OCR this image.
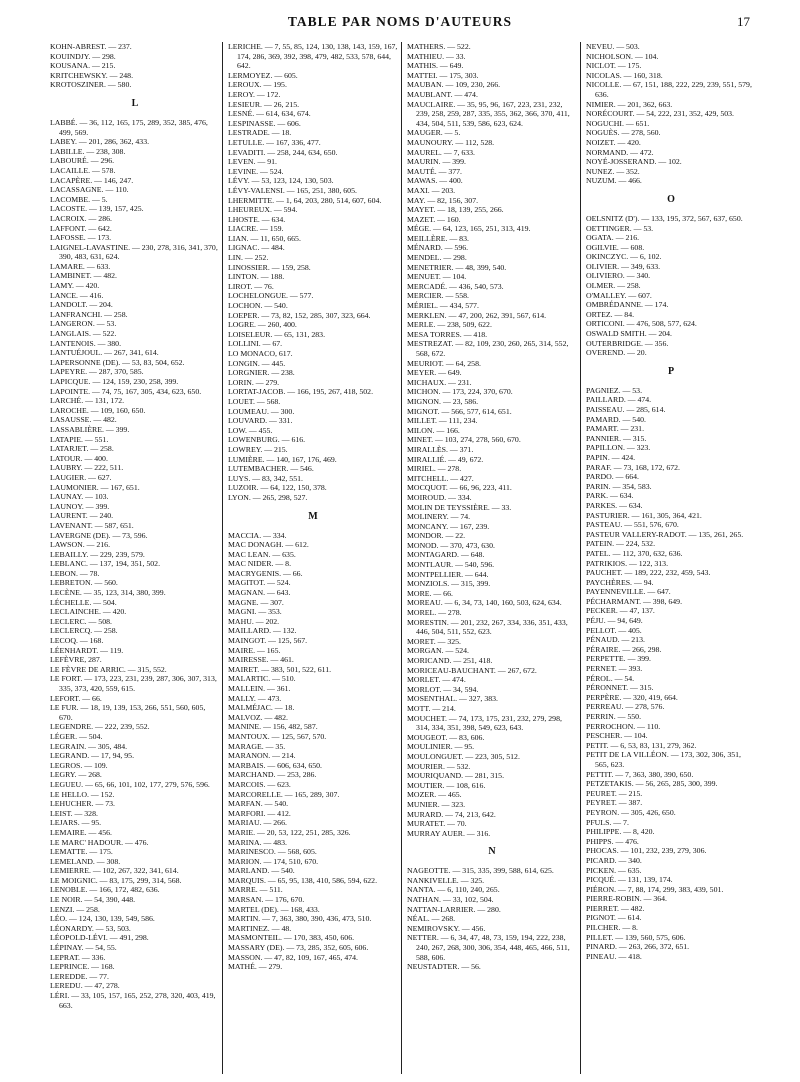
TABLE PAR NOMS D'AUTEURS	17
KOHN-ABREST. — 237.
KOUINDJY. — 298.
KOUSANA. — 215.
KRITCHEWSKY. — 248.
KROTOSZINER. — 580.
L
LABBÉ. — 36, 112, 165, 175, 289, 352, 385, 476, 499, 569.
LABEY. — 201, 286, 362, 433.
LABILLE. — 238, 308.
LABOURÉ. — 296.
LACAILLE. — 578.
LACAPÈRE. — 146, 247.
LACASSAGNE. — 110.
LACOMBE. — 5.
LACOSTE. — 139, 157, 425.
LACROIX. — 286.
LAFFONT. — 642.
LAFOSSE. — 173.
LAIGNEL-LAVASTINE. — 230, 278, 316, 341, 370, 390, 483, 631, 624.
LAMARE. — 633.
LAMBINET. — 482.
LAMY. — 420.
LANCE. — 416.
LANDOLT. — 204.
LANFRANCHI. — 258.
LANGERON. — 53.
LANGLAIS. — 522.
LANTENOIS. — 380.
LANTUÉJOUL. — 267, 341, 614.
LAPERSONNE (DE). — 53, 83, 504, 652.
LAPEYRE. — 287, 370, 585.
LAPICQUE. — 124, 159, 230, 258, 399.
LAPOINTE. — 74, 75, 167, 305, 434, 623, 650.
LARCHÉ. — 131, 172.
LAROCHE. — 109, 160, 650.
LASAUSSE. — 482.
LASSABLIÈRE. — 399.
LATAPIE. — 551.
LATARJET. — 258.
LATOUR. — 400.
LAUBRY. — 222, 511.
LAUGIER. — 627.
LAUMONIER. — 167, 651.
LAUNAY. — 103.
LAUNOY. — 399.
LAURENT. — 240.
LAVENANT. — 587, 651.
LAVERGNE (DE). — 73, 596.
LAWSON. — 216.
LEBAILLY. — 229, 239, 579.
LEBLANC. — 137, 194, 351, 502.
LEBON. — 78.
LEBRETON. — 560.
LECÈNE. — 35, 123, 314, 380, 399.
LÉCHELLE. — 504.
LECLAINCHE. — 420.
LECLERC. — 508.
LECLERCQ. — 258.
LECOQ. — 168.
LÉENHARDT. — 119.
LEFÈVRE, 287.
LE FÈVRE DE ARRIC. — 315, 552.
LE FORT. — 173, 223, 231, 239, 287, 306, 307, 313, 335, 373, 420, 559, 615.
LEFORT. — 66.
LE FUR. — 18, 19, 139, 153, 266, 551, 560, 605, 670.
LEGENDRE. — 222, 239, 552.
LÉGER. — 504.
LEGRAIN. — 305, 484.
LEGRAND. — 17, 94, 95.
LEGROS. — 109.
LEGRY. — 268.
LEGUEU. — 65, 66, 101, 102, 177, 279, 576, 596.
LE HELLO. — 152.
LEHUCHER. — 73.
LEIST. — 328.
LEJARS. — 95.
LEMAIRE. — 456.
LE MARC' HADOUR. — 476.
LEMATTE. — 175.
LEMELAND. — 308.
LEMIERRE. — 102, 267, 322, 341, 614.
LE MOIGNIC. — 83, 175, 299, 314, 568.
LENOBLE. — 166, 172, 482, 636.
LE NOIR. — 54, 390, 448.
LENZI. — 258.
LÉO. — 124, 130, 139, 549, 586.
LÉONARDY. — 53, 503.
LÉOPOLD-LÉVI. — 491, 298.
LÉPINAY. — 54, 55.
LEPRAT. — 336.
LEPRINCE. — 168.
LEREDDE. — 77.
LEREDU. — 47, 278.
LÉRI. — 33, 105, 157, 165, 252, 278, 320, 403, 419, 663.
LERICHE. — 7, 55, 85, 124, 130, 138, 143, 159, 167, 174, 286, 369, 392, 398, 479, 482, 533, 578, 644, 642.
LERMOYEZ. — 605.
LEROUX. — 195.
LEROY. — 172.
LESIEUR. — 26, 215.
LESNÉ. — 614, 634, 674.
LESPINASSE. — 606.
LESTRADE. — 18.
LETULLE. — 167, 336, 477.
LEVADITI. — 258, 244, 634, 650.
LEVEN. — 91.
LEVINE. — 524.
LÉVY. — 53, 123, 124, 130, 503.
LÉVY-VALENSI. — 165, 251, 380, 605.
LHERMITTE. — 1, 64, 203, 280, 514, 607, 604.
LHEUREUX. — 594.
LHOSTE. — 634.
LIACRE. — 159.
LIAN. — 11, 650, 665.
LIGNAC. — 484.
LIN. — 252.
LINOSSIER. — 159, 258.
LINTON. — 188.
LIROT. — 76.
LOCHELONGUE. — 577.
LOCHON. — 540.
LOEPER. — 73, 82, 152, 285, 307, 323, 664.
LOGRE. — 260, 400.
LOISELEUR. — 65, 131, 283.
LOLLINI. — 67.
LO MONACO, 617.
LONGIN. — 445.
LORGNIER. — 238.
LORIN. — 279.
LORTAT-JACOB. — 166, 195, 267, 418, 502.
LOUET. — 568.
LOUMEAU. — 300.
LOUVARD. — 331.
LOW. — 455.
LOWENBURG. — 616.
LOWREY. — 215.
LUMIÈRE. — 140, 167, 176, 469.
LUTEMBACHER. — 546.
LUYS. — 83, 342, 551.
LUZOIR. — 64, 122, 150, 378.
LYON. — 265, 298, 527.
M
MACCIA. — 334.
MAC DONAGH. — 612.
MAC LEAN. — 635.
MAC NIDER. — 8.
MACRYGENIS. — 66.
MAGITOT. — 524.
MAGNAN. — 643.
MAGNE. — 307.
MAGNI. — 353.
MAHU. — 202.
MAILLARD. — 132.
MAINGOT. — 125, 567.
MAIRE. — 165.
MAIRESSE. — 461.
MAIRET. — 383, 501, 522, 611.
MALARTIC. — 510.
MALLEIN. — 361.
MALLY. — 473.
MALMÉJAC. — 18.
MALVOZ. — 482.
MANINE. — 156, 482, 587.
MANTOUX. — 125, 567, 570.
MARAGE. — 35.
MARANON. — 214.
MARBAIS. — 606, 634, 650.
MARCHAND. — 253, 286.
MARCOIS. — 623.
MARCORELLE. — 165, 289, 307.
MARFAN. — 540.
MARFORI. — 412.
MARIAU. — 266.
MARIE. — 20, 53, 122, 251, 285, 326.
MARINA. — 483.
MARINESCO. — 568, 605.
MARION. — 174, 510, 670.
MARLAND. — 540.
MARQUIS. — 65, 95, 138, 410, 586, 594, 622.
MARRE. — 511.
MARSAN. — 176, 670.
MARTEL (DE). — 168, 433.
MARTIN. — 7, 363, 380, 390, 436, 473, 510.
MARTINEZ. — 48.
MASMONTEIL. — 170, 383, 450, 606.
MASSARY (DE). — 73, 285, 352, 605, 606.
MASSON. — 47, 82, 109, 167, 465, 474.
MATHÉ. — 279.
MATHERS. — 522.
MATHIEU. — 33.
MATHIS. — 649.
MATTEI. — 175, 303.
MAUBAN. — 109, 230, 266.
MAUBLANT. — 474.
MAUCLAIRE. — 35, 95, 96, 167, 223, 231, 232, 239, 258, 259, 287, 335, 355, 362, 366, 370, 411, 434, 504, 511, 539, 586, 623, 624.
MAUGER. — 5.
MAUNOURY. — 112, 528.
MAUREL. — 7, 633.
MAURIN. — 399.
MAUTÉ. — 377.
MAWAS. — 400.
MAXI. — 203.
MAY. — 82, 156, 307.
MAYET. — 18, 139, 255, 266.
MAZET. — 160.
MÉGE. — 64, 123, 165, 251, 313, 419.
MEILLÈRE. — 83.
MÉNARD. — 596.
MENDEL. — 298.
MENETRIER. — 48, 399, 540.
MENUET. — 104.
MERCADÉ. — 436, 540, 573.
MERCIER. — 558.
MÉRIEL. — 434, 577.
MERKLEN. — 47, 200, 262, 391, 567, 614.
MERLE. — 238, 509, 622.
MESA TORRES. — 418.
MESTREZAT. — 82, 109, 230, 260, 265, 314, 552, 568, 672.
MEURIOT. — 64, 258.
MEYER. — 649.
MICHAUX. — 231.
MICHON. — 173, 224, 370, 670.
MIGNON. — 23, 586.
MIGNOT. — 566, 577, 614, 651.
MILLET. — 111, 234.
MILON. — 166.
MINET. — 103, 274, 278, 560, 670.
MIRALLÈS. — 371.
MIRALLIÉ. — 49, 672.
MIRIEL. — 278.
MITCHELL. — 427.
MOCQUOT. — 66, 96, 223, 411.
MOIROUD. — 334.
MOLIN DE TEYSSIÈRE. — 33.
MOLINERY. — 74.
MONCANY. — 167, 239.
MONDOR. — 22.
MONOD. — 370, 473, 630.
MONTAGARD. — 648.
MONTLAUR. — 540, 596.
MONTPELLIER. — 644.
MONZIOLS. — 315, 399.
MORE. — 66.
MOREAU. — 6, 34, 73, 140, 160, 503, 624, 634.
MOREL. — 278.
MORESTIN. — 201, 232, 267, 334, 336, 351, 433, 446, 504, 511, 552, 623.
MORET. — 325.
MORGAN. — 524.
MORICAND. — 251, 418.
MORICEAU-BAUCHANT. — 267, 672.
MORLET. — 474.
MORLOT. — 34, 594.
MOSENTHAL. — 327, 383.
MOTT. — 214.
MOUCHET. — 74, 173, 175, 231, 232, 279, 298, 314, 334, 351, 398, 549, 623, 643.
MOUGEOT. — 83, 606.
MOULINIER. — 95.
MOULONGUET. — 223, 305, 512.
MOURIER. — 532.
MOURIQUAND. — 281, 315.
MOUTIER. — 108, 616.
MOZER. — 465.
MUNIER. — 323.
MURARD. — 74, 213, 642.
MURATET. — 70.
MURRAY AUER. — 316.
N
NAGEOTTE. — 315, 335, 399, 588, 614, 625.
NANKIVELLE. — 325.
NANTA. — 6, 110, 240, 265.
NATHAN. — 33, 102, 504.
NATTAN-LARRIER. — 280.
NÉAL. — 268.
NEMIROVSKY. — 456.
NETTER. — 6, 34, 47, 48, 73, 159, 194, 222, 238, 240, 267, 268, 300, 306, 354, 448, 465, 466, 511, 588, 606.
NEUSTADTER. — 56.
NEVEU. — 503.
NICHOLSON. — 104.
NICLOT. — 175.
NICOLAS. — 160, 318.
NICOLLE. — 67, 151, 188, 222, 229, 239, 551, 579, 636.
NIMIER. — 201, 362, 663.
NORÉCOURT. — 54, 222, 231, 352, 429, 503.
NOGUCHI. — 651.
NOGUÈS. — 278, 560.
NOIZET. — 420.
NORMAND. — 472.
NOYÉ-JOSSERAND. — 102.
NUNEZ. — 352.
NUZUM. — 466.
O
OELSNITZ (D'). — 133, 195, 372, 567, 637, 650.
OETTINGER. — 53.
OGATA. — 216.
OGILVIE. — 608.
OKINCZYC. — 6, 102.
OLIVIER. — 349, 633.
OLIVIERO. — 340.
OLMER. — 258.
O'MALLEY. — 607.
OMBRÉDANNE. — 174.
ORTEZ. — 84.
ORTICONI. — 476, 508, 577, 624.
OSWALD SMITH. — 204.
OUTERBRIDGE. — 356.
OVEREND. — 20.
P
PAGNIEZ. — 53.
PAILLARD. — 474.
PAISSEAU. — 285, 614.
PAMARD. — 540.
PAMART. — 231.
PANNIER. — 315.
PAPILLON. — 323.
PAPIN. — 424.
PARAF. — 73, 168, 172, 672.
PARDO. — 664.
PARIN. — 354, 583.
PARK. — 634.
PARKES. — 634.
PASTURIER. — 161, 305, 364, 421.
PASTEAU. — 551, 576, 670.
PASTEUR VALLERY-RADOT. — 135, 261, 265.
PATEIN. — 224, 532.
PATEL. — 112, 370, 632, 636.
PATRIKIOS. — 122, 313.
PAUCHET. — 189, 222, 232, 459, 543.
PAYCHÈRES. — 94.
PAYENNEVILLE. — 647.
PÉCHARMANT. — 398, 649.
PECKER. — 47, 137.
PÉJU. — 94, 649.
PELLOT. — 405.
PÉNAUD. — 213.
PÉRAIRE. — 266, 298.
PERPETTE. — 399.
PERNET. — 393.
PÉROL. — 54.
PÉRONNET. — 315.
PERPÈRE. — 320, 419, 664.
PERREAU. — 278, 576.
PERRIN. — 550.
PERROCHON. — 110.
PESCHER. — 104.
PETIT. — 6, 53, 83, 131, 279, 362.
PETIT DE LA VILLÉON. — 173, 302, 306, 351, 565, 623.
PETTIT. — 7, 363, 380, 390, 650.
PETZETAKIS. — 56, 265, 285, 300, 399.
PEURET. — 215.
PEYRET. — 387.
PEYRON. — 305, 426, 650.
PFULS. — 7.
PHILIPPE. — 8, 420.
PHIPPS. — 476.
PHOCAS. — 101, 232, 239, 279, 306.
PICARD. — 340.
PICKEN. — 635.
PICQUÉ. — 131, 139, 174.
PIÉRON. — 7, 88, 174, 299, 383, 439, 501.
PIERRE-ROBIN. — 364.
PIERRET. — 482.
PIGNOT. — 614.
PILCHER. — 8.
PILLET. — 139, 560, 575, 606.
PINARD. — 263, 266, 372, 651.
PINEAU. — 418.
